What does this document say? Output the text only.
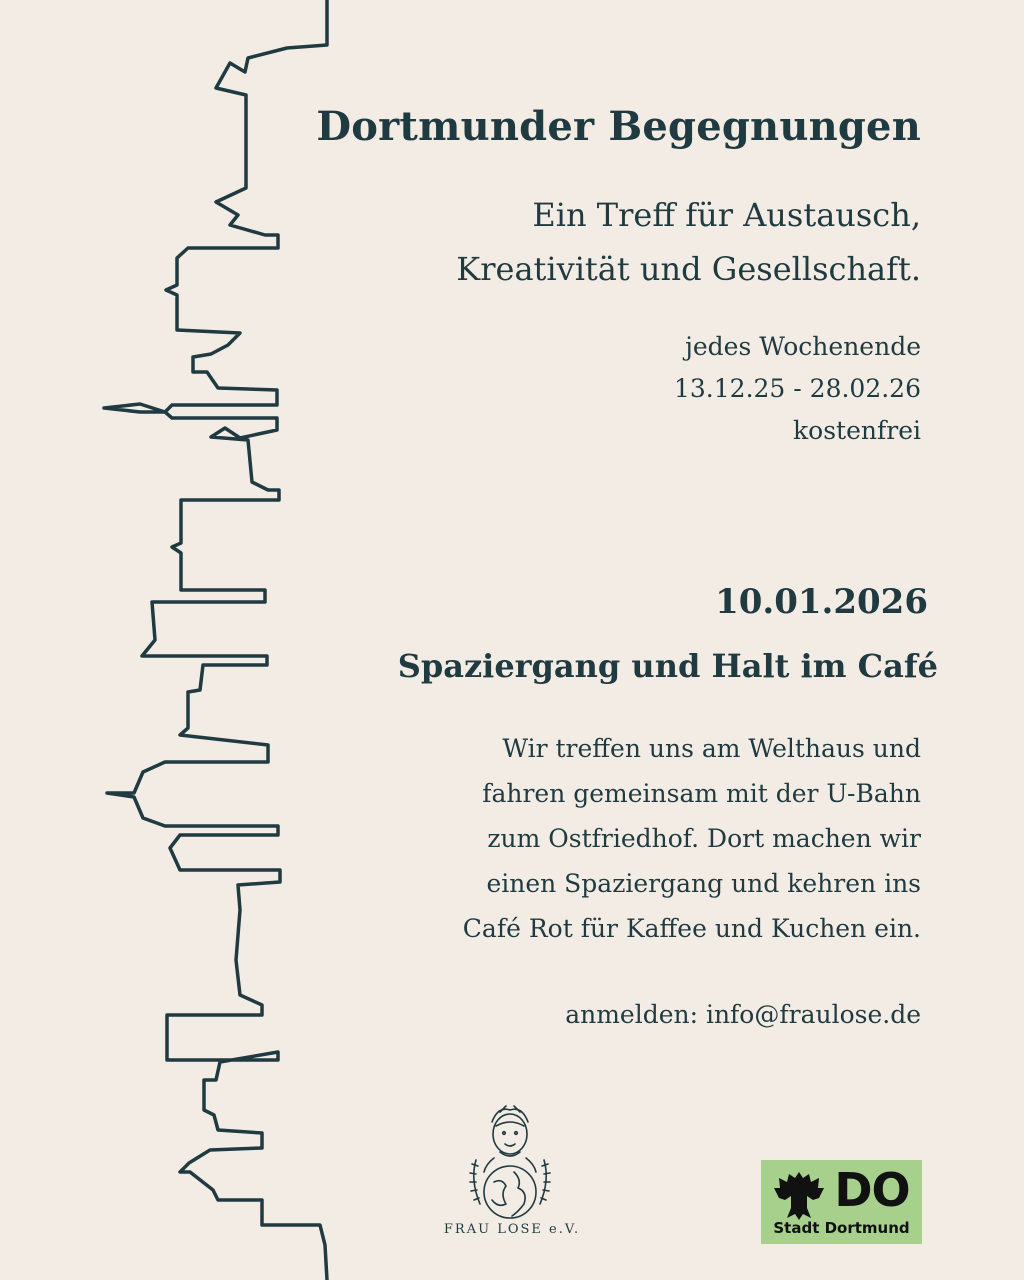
Dortmunder Begegnungen
Ein Treff für Austausch,
Kreativität und Gesellschaft.
jedes Wochenende
13.12.25 - 28.02.26
kostenfrei
10.01.2026
Spaziergang und Halt im Café
Wir treffen uns am Welthaus und
fahren gemeinsam mit der U-Bahn
zum Ostfriedhof. Dort machen wir
einen Spaziergang und kehren ins
Café Rot für Kaffee und Kuchen ein.
anmelden: info@fraulose.de
FRAU LOSE e.V.
DO
Stadt Dortmund
